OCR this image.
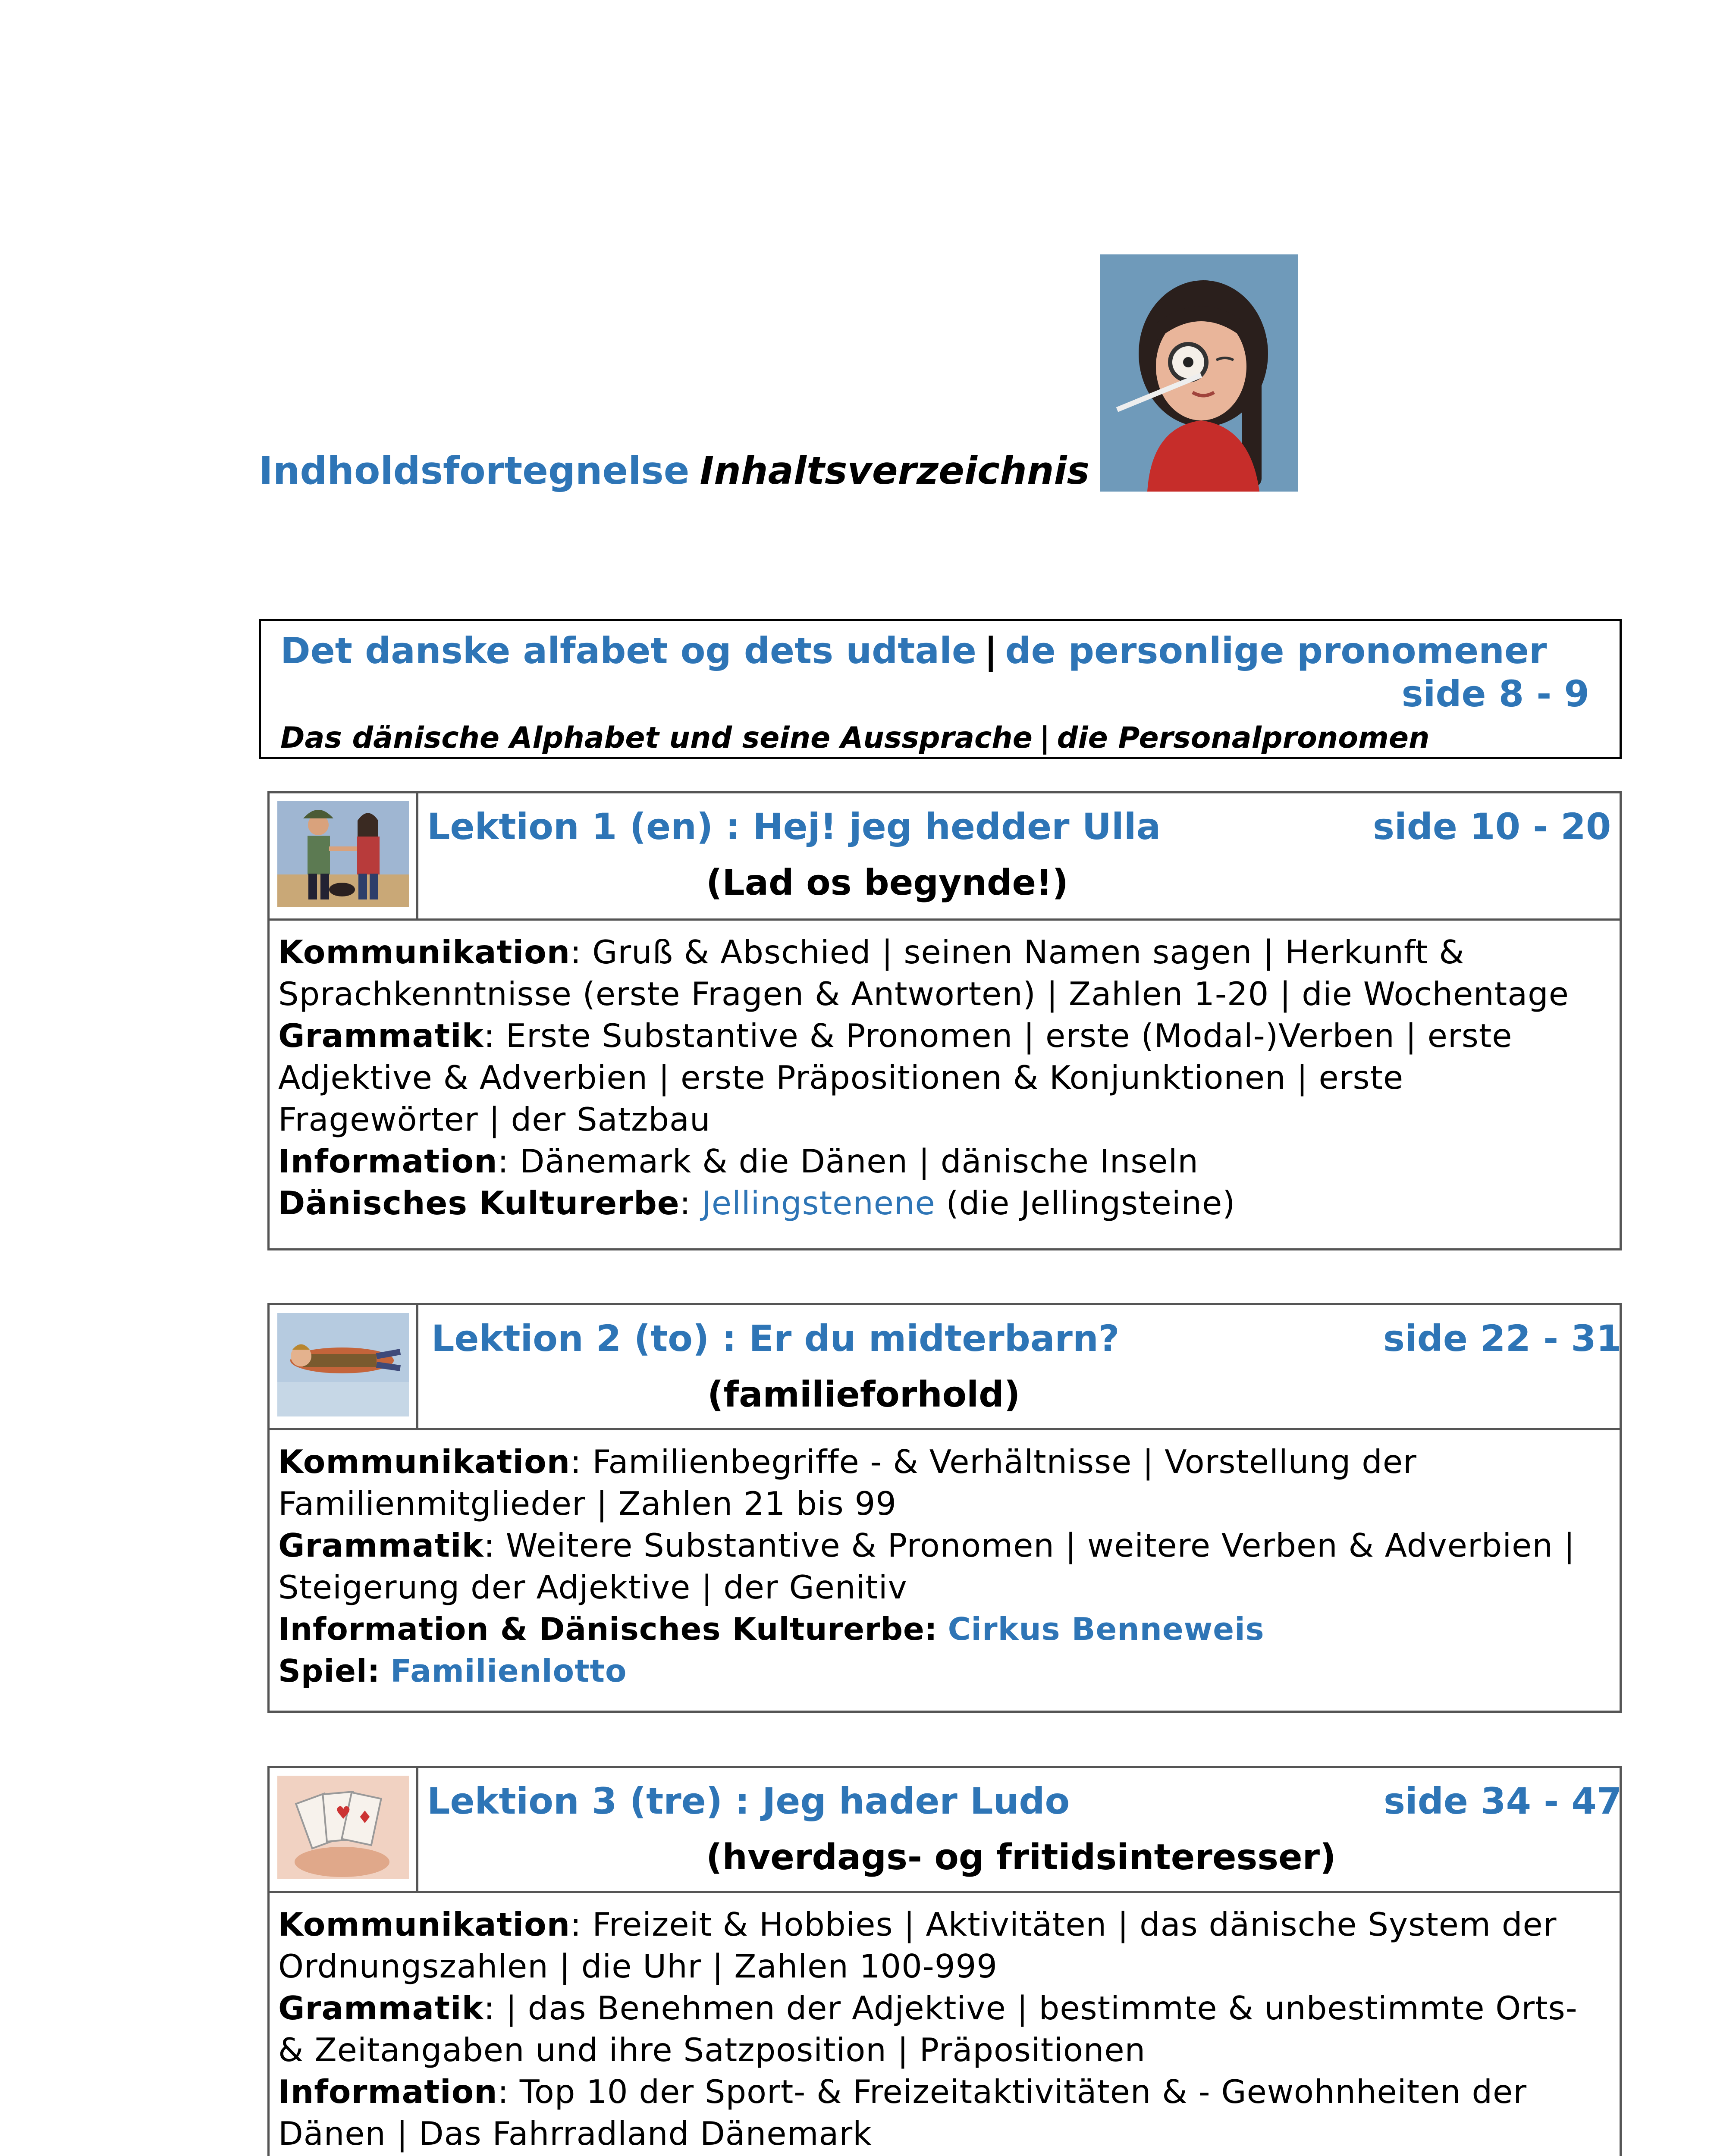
Indholdsfortegnelse Inhaltsverzeichnis
Det danske alfabet og dets udtale | de personlige pronomener
side 8 - 9
Das dänische Alphabet und seine Aussprache | die Personalpronomen
Lektion 1 (en) : Hej! jeg hedder Ulla	side 10 - 20
(Lad os begynde!)
Kommunikation: Gruß & Abschied | seinen Namen sagen | Herkunft &
Sprachkenntnisse (erste Fragen & Antworten) | Zahlen 1-20 | die Wochentage
Grammatik: Erste Substantive & Pronomen | erste (Modal-)Verben | erste
Adjektive & Adverbien | erste Präpositionen & Konjunktionen | erste
Fragewörter | der Satzbau
Information: Dänemark & die Dänen | dänische Inseln
Dänisches Kulturerbe: Jellingstenene (die Jellingsteine)
Lektion 2 (to) : Er du midterbarn?	side 22 - 31
(familieforhold)
Kommunikation: Familienbegriffe - & Verhältnisse | Vorstellung der
Familienmitglieder | Zahlen 21 bis 99
Grammatik: Weitere Substantive & Pronomen | weitere Verben & Adverbien |
Steigerung der Adjektive | der Genitiv
Information & Dänisches Kulturerbe: Cirkus Benneweis
Spiel: Familienlotto
♥ ♦ Lektion 3 (tre) : Jeg hader Ludo	side 34 - 47
(hverdags- og fritidsinteresser)
Kommunikation: Freizeit & Hobbies | Aktivitäten | das dänische System der
Ordnungszahlen | die Uhr | Zahlen 100-999
Grammatik: | das Benehmen der Adjektive | bestimmte & unbestimmte Orts-
& Zeitangaben und ihre Satzposition | Präpositionen
Information: Top 10 der Sport- & Freizeitaktivitäten & - Gewohnheiten der
Dänen | Das Fahrradland Dänemark
